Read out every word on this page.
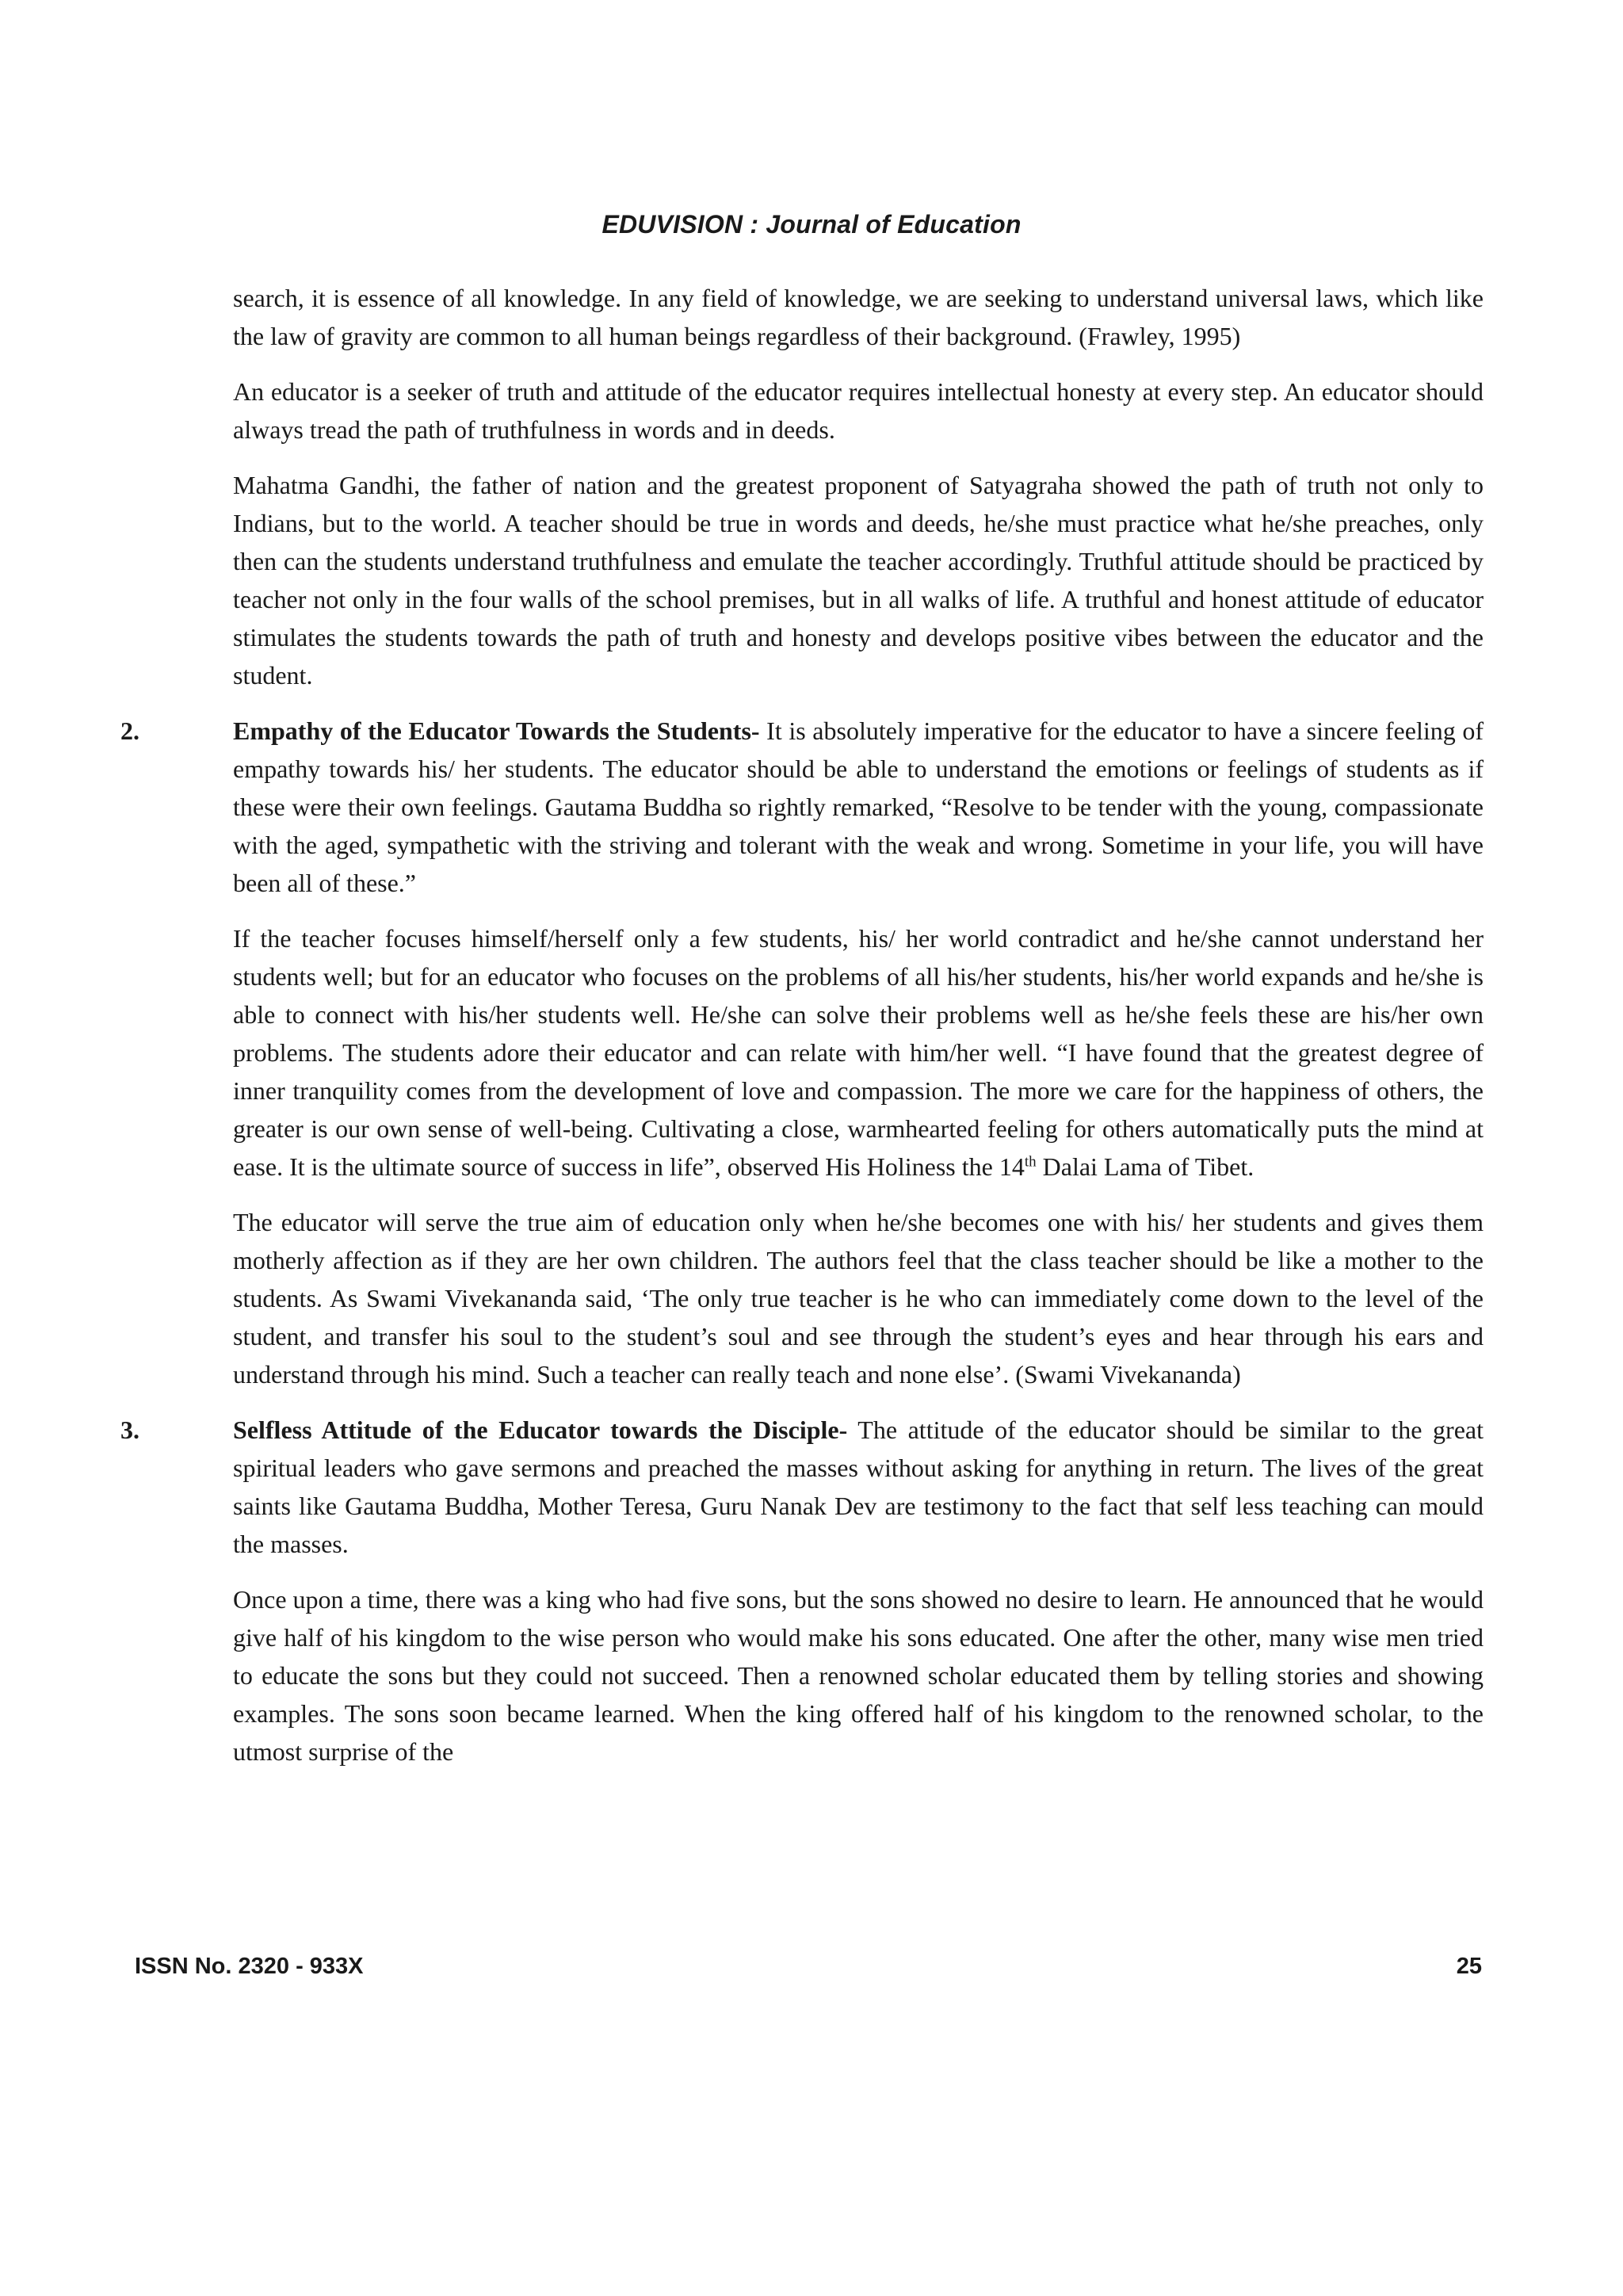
EDUVISION : Journal of Education

search, it is essence of all knowledge. In any field of knowledge, we are seeking to understand universal laws, which like the law of gravity are common to all human beings regardless of their background. (Frawley, 1995)

An educator is a seeker of truth and attitude of the educator requires intellectual honesty at every step. An educator should always tread the path of truthfulness in words and in deeds.

Mahatma Gandhi, the father of nation and the greatest proponent of Satyagraha showed the path of truth not only to Indians, but to the world. A teacher should be true in words and deeds, he/she must practice what he/she preaches, only then can the students understand truthfulness and emulate the teacher accordingly. Truthful attitude should be practiced by teacher not only in the four walls of the school premises, but in all walks of life. A truthful and honest attitude of educator stimulates the students towards the path of truth and honesty and develops positive vibes between the educator and the student.

2.	Empathy of the Educator Towards the Students- It is absolutely imperative for the educator to have a sincere feeling of empathy towards his/ her students. The educator should be able to understand the emotions or feelings of students as if these were their own feelings. Gautama Buddha so rightly remarked, “Resolve to be tender with the young, compassionate with the aged, sympathetic with the striving and tolerant with the weak and wrong. Sometime in your life, you will have been all of these.”

If the teacher focuses himself/herself only a few students, his/ her world contradict and he/she cannot understand her students well; but for an educator who focuses on the problems of all his/her students, his/her world expands and he/she is able to connect with his/her students well. He/she can solve their problems well as he/she feels these are his/her own problems. The students adore their educator and can relate with him/her well. “I have found that the greatest degree of inner tranquility comes from the development of love and compassion. The more we care for the happiness of others, the greater is our own sense of well-being. Cultivating a close, warmhearted feeling for others automatically puts the mind at ease. It is the ultimate source of success in life”, observed His Holiness the 14th Dalai Lama of Tibet.

The educator will serve the true aim of education only when he/she becomes one with his/ her students and gives them motherly affection as if they are her own children. The authors feel that the class teacher should be like a mother to the students. As Swami Vivekananda said, ‘The only true teacher is he who can immediately come down to the level of the student, and transfer his soul to the student’s soul and see through the student’s eyes and hear through his ears and understand through his mind. Such a teacher can really teach and none else’. (Swami Vivekananda)

3.	Selfless Attitude of the Educator towards the Disciple- The attitude of the educator should be similar to the great spiritual leaders who gave sermons and preached the masses without asking for anything in return. The lives of the great saints like Gautama Buddha, Mother Teresa, Guru Nanak Dev are testimony to the fact that self less teaching can mould the masses.

Once upon a time, there was a king who had five sons, but the sons showed no desire to learn. He announced that he would give half of his kingdom to the wise person who would make his sons educated. One after the other, many wise men tried to educate the sons but they could not succeed. Then a renowned scholar educated them by telling stories and showing examples. The sons soon became learned. When the king offered half of his kingdom to the renowned scholar, to the utmost surprise of the

ISSN No. 2320 - 933X	25
